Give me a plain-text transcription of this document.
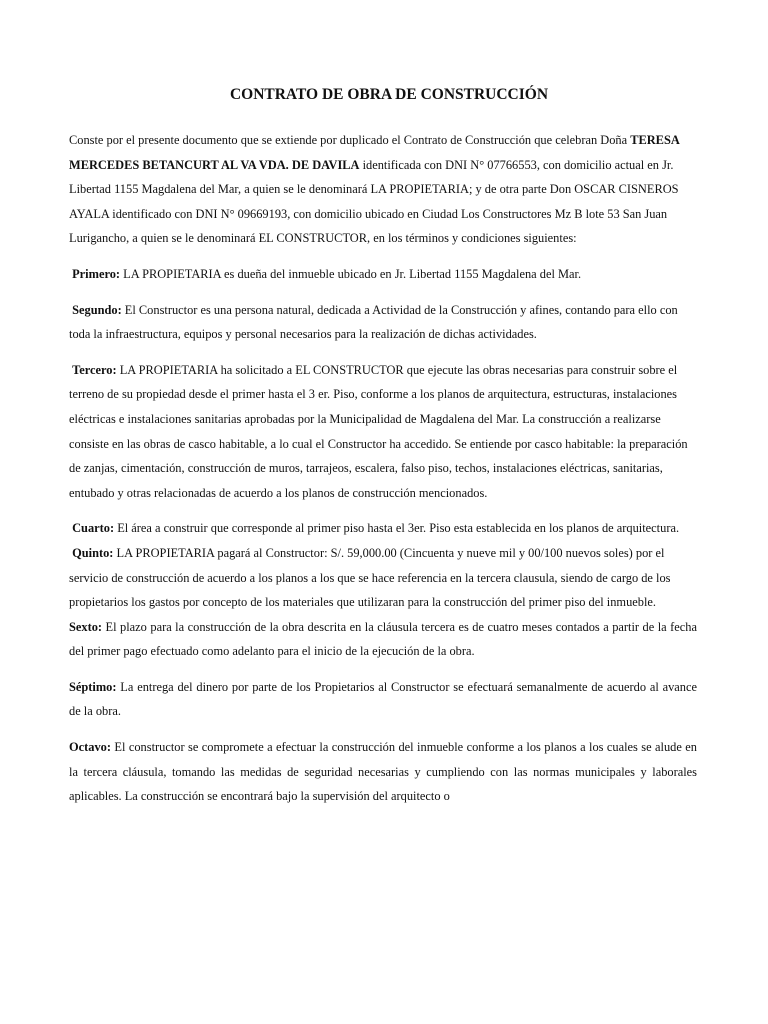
CONTRATO DE OBRA DE CONSTRUCCIÓN

Conste por el presente documento que se extiende por duplicado el Contrato de Construcción que celebran Doña TERESA MERCEDES BETANCURT AL VA VDA. DE DAVILA identificada con DNI N° 07766553, con domicilio actual en Jr. Libertad 1155 Magdalena del Mar, a quien se le denominará LA PROPIETARIA; y de otra parte Don OSCAR CISNEROS AYALA identificado con DNI N° 09669193, con domicilio ubicado en Ciudad Los Constructores Mz B lote 53 San Juan Lurigancho, a quien se le denominará EL CONSTRUCTOR, en los términos y condiciones siguientes:

Primero: LA PROPIETARIA es dueña del inmueble ubicado en Jr. Libertad 1155 Magdalena del Mar.

Segundo: El Constructor es una persona natural, dedicada a Actividad de la Construcción y afines, contando para ello con toda la infraestructura, equipos y personal necesarios para la realización de dichas actividades.

Tercero: LA PROPIETARIA ha solicitado a EL CONSTRUCTOR que ejecute las obras necesarias para construir sobre el terreno de su propiedad desde el primer hasta el 3 er. Piso, conforme a los planos de arquitectura, estructuras, instalaciones eléctricas e instalaciones sanitarias aprobadas por la Municipalidad de Magdalena del Mar. La construcción a realizarse consiste en las obras de casco habitable, a lo cual el Constructor ha accedido. Se entiende por casco habitable: la preparación de zanjas, cimentación, construcción de muros, tarrajeos, escalera, falso piso, techos, instalaciones eléctricas, sanitarias, entubado y otras relacionadas de acuerdo a los planos de construcción mencionados.

Cuarto: El área a construir que corresponde al primer piso hasta el 3er. Piso esta establecida en los planos de arquitectura.

Quinto: LA PROPIETARIA pagará al Constructor: S/. 59,000.00 (Cincuenta y nueve mil y 00/100 nuevos soles) por el servicio de construcción de acuerdo a los planos a los que se hace referencia en la tercera clausula, siendo de cargo de los propietarios los gastos por concepto de los materiales que utilizaran para la construcción del primer piso del inmueble.

Sexto: El plazo para la construcción de la obra descrita en la cláusula tercera es de cuatro meses contados a partir de la fecha del primer pago efectuado como adelanto para el inicio de la ejecución de la obra.

Séptimo: La entrega del dinero por parte de los Propietarios al Constructor se efectuará semanalmente de acuerdo al avance de la obra.

Octavo: El constructor se compromete a efectuar la construcción del inmueble conforme a los planos a los cuales se alude en la tercera cláusula, tomando las medidas de seguridad necesarias y cumpliendo con las normas municipales y laborales aplicables. La construcción se encontrará bajo la supervisión del arquitecto o
